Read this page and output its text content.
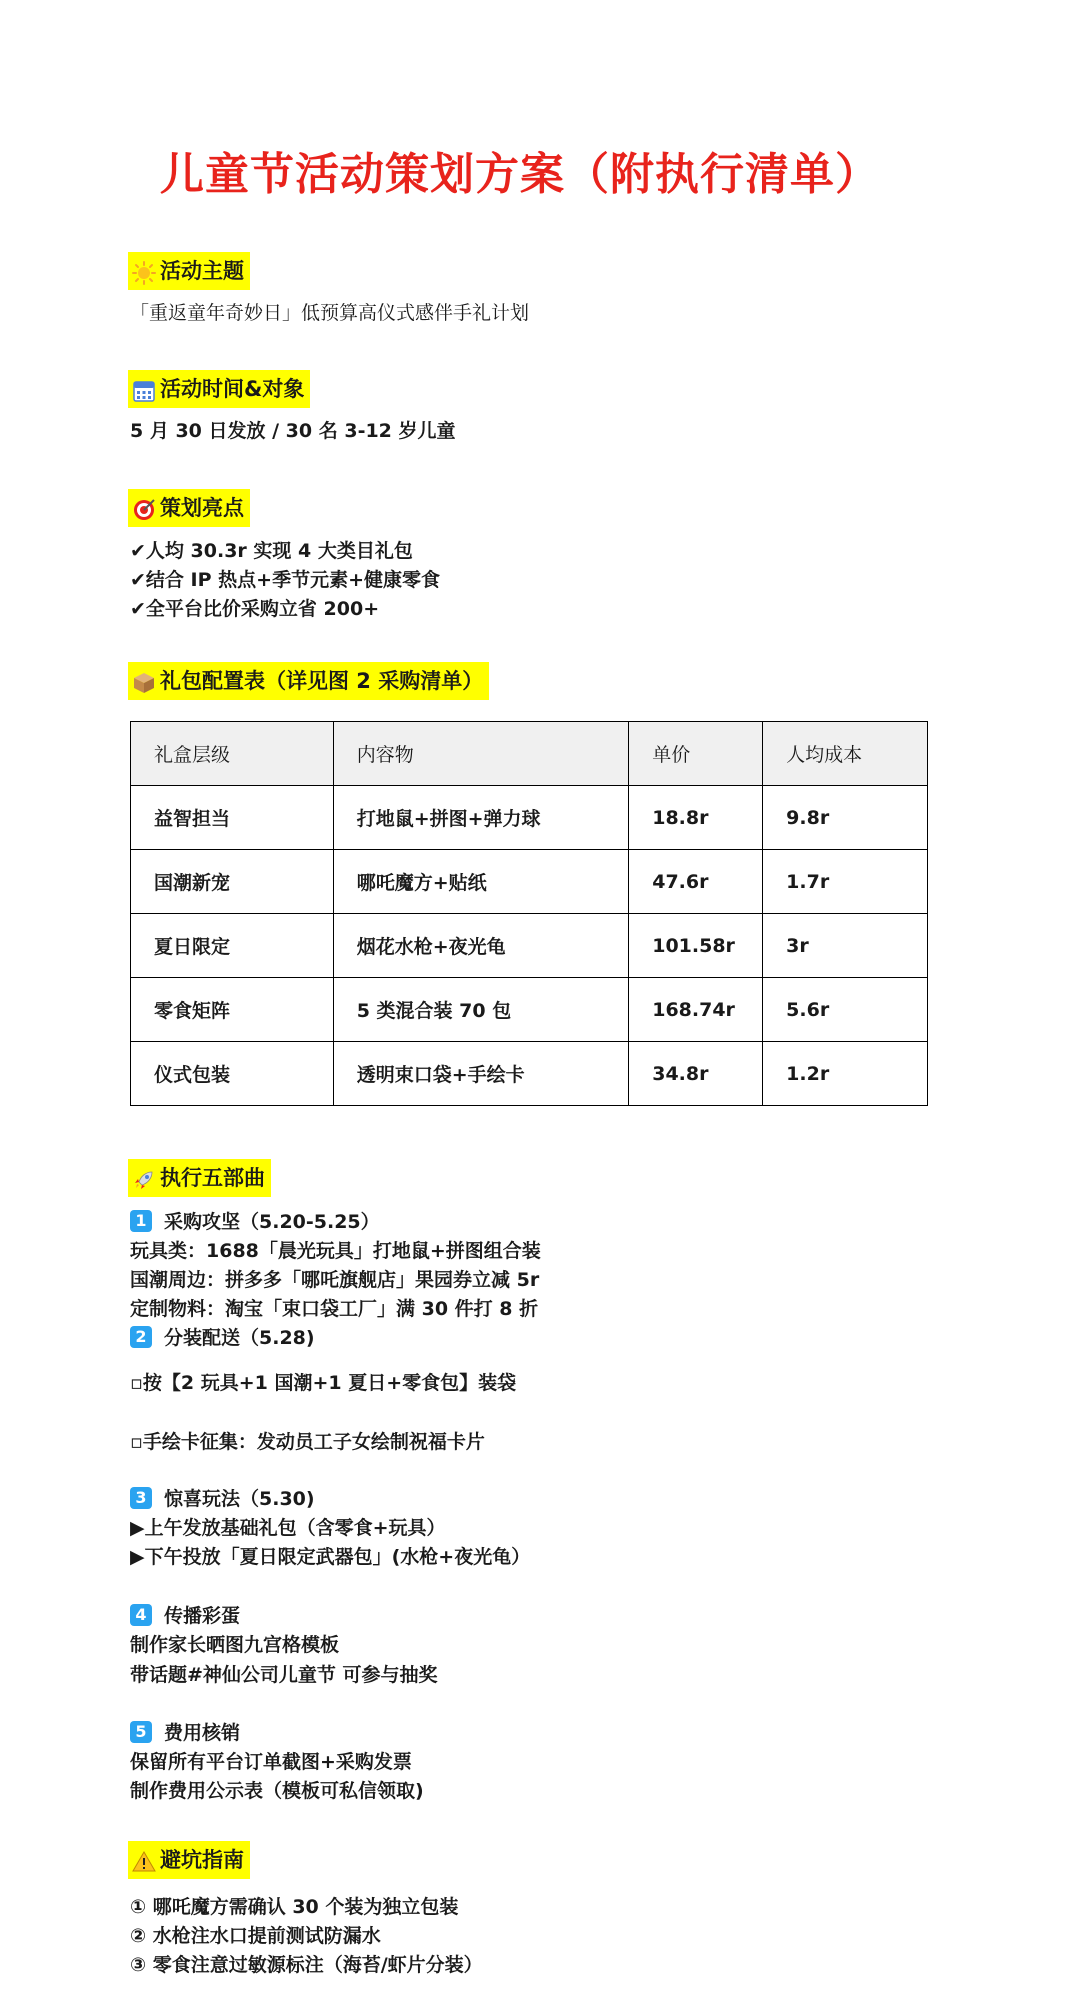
儿童节活动策划方案（附执行清单）
活动主题
「重返童年奇妙日」低预算高仪式感伴手礼计划
活动时间&对象
5 月 30 日发放 / 30 名 3-12 岁儿童
策划亮点
✔人均 30.3r 实现 4 大类目礼包
✔结合 IP 热点+季节元素+健康零食
✔全平台比价采购立省 200+
礼包配置表（详见图 2 采购清单）
礼盒层级	内容物	单价	人均成本
益智担当	打地鼠+拼图+弹力球	18.8r	9.8r
国潮新宠	哪吒魔方+贴纸	47.6r	1.7r
夏日限定	烟花水枪+夜光龟	101.58r	3r
零食矩阵	5 类混合装 70 包	168.74r	5.6r
仪式包装	透明束口袋+手绘卡	34.8r	1.2r
执行五部曲
1 采购攻坚（5.20-5.25）
玩具类：1688「晨光玩具」打地鼠+拼图组合装
国潮周边：拼多多「哪吒旗舰店」果园券立减 5r
定制物料：淘宝「束口袋工厂」满 30 件打 8 折
2 分装配送（5.28)
▫按【2 玩具+1 国潮+1 夏日+零食包】装袋
▫手绘卡征集：发动员工子女绘制祝福卡片
3 惊喜玩法（5.30)
▶上午发放基础礼包（含零食+玩具）
▶下午投放「夏日限定武器包」(水枪+夜光龟）
4 传播彩蛋
制作家长晒图九宫格模板
带话题#神仙公司儿童节 可参与抽奖
5 费用核销
保留所有平台订单截图+采购发票
制作费用公示表（模板可私信领取)
避坑指南
① 哪吒魔方需确认 30 个装为独立包装
② 水枪注水口提前测试防漏水
③ 零食注意过敏源标注（海苔/虾片分装）
